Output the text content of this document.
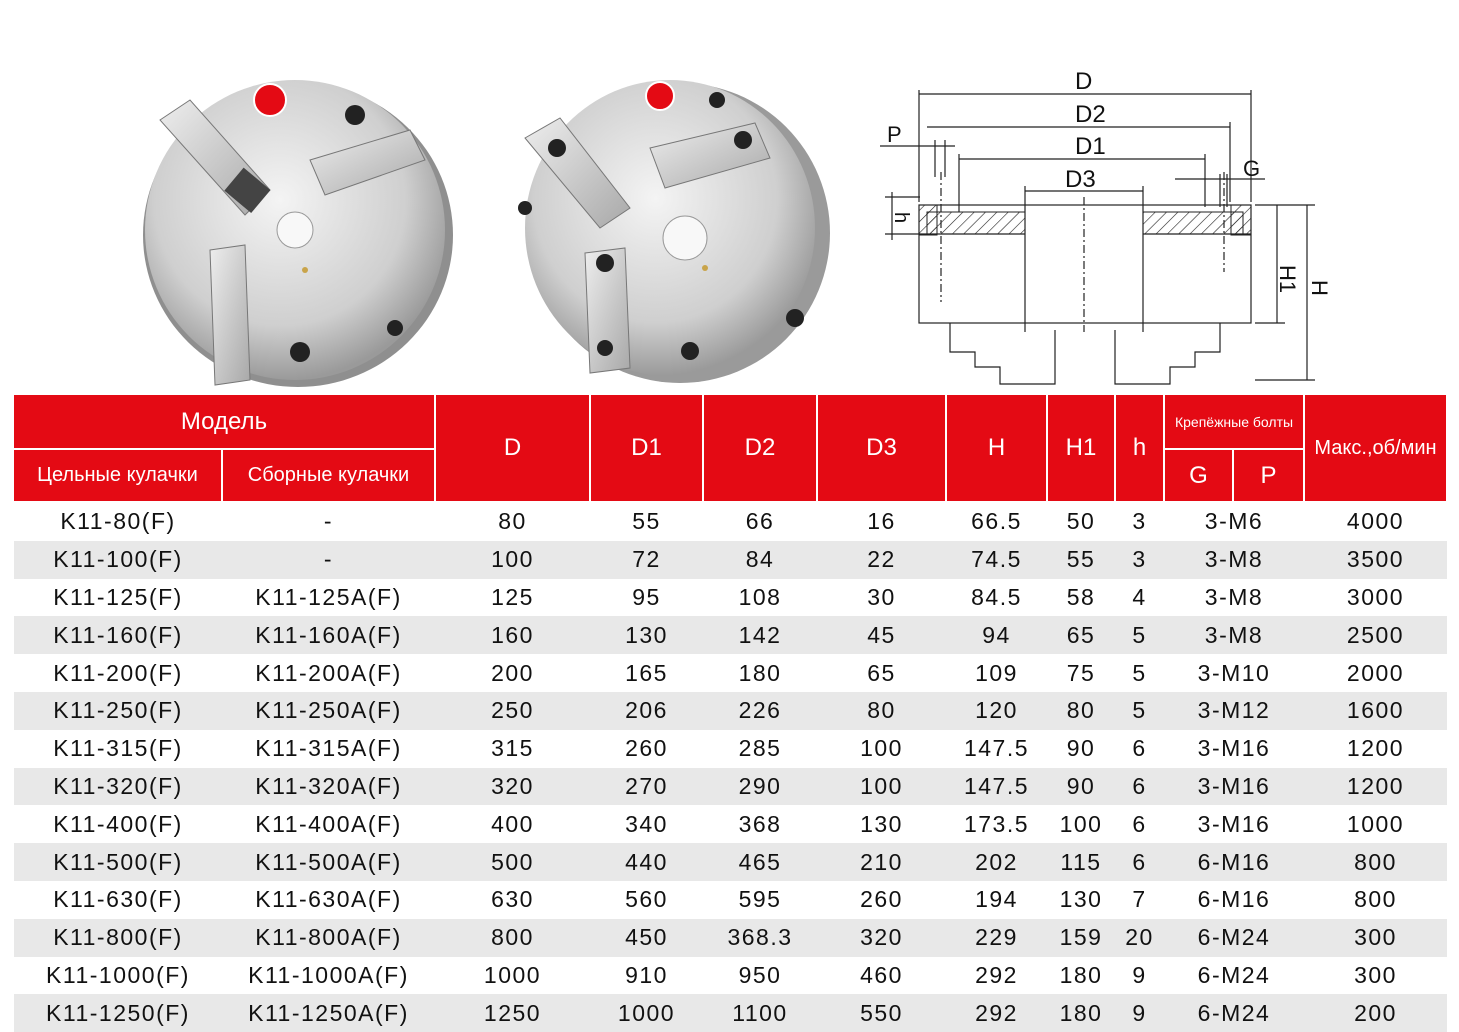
D
D2
D1
D3
P
G
h
H1 H
Модель		D	D1	D2	D3	H	H1	h	Крепёжные болты		Макс.,об/мин
Цельные кулачки	Сборные кулачки								G	P	
K11-80(F)	-	80	55	66	16	66.5	50	3	3-M6		4000
K11-100(F)	-	100	72	84	22	74.5	55	3	3-M8		3500
K11-125(F)	K11-125A(F)	125	95	108	30	84.5	58	4	3-M8		3000
K11-160(F)	K11-160A(F)	160	130	142	45	94	65	5	3-M8		2500
K11-200(F)	K11-200A(F)	200	165	180	65	109	75	5	3-M10		2000
K11-250(F)	K11-250A(F)	250	206	226	80	120	80	5	3-M12		1600
K11-315(F)	K11-315A(F)	315	260	285	100	147.5	90	6	3-M16		1200
K11-320(F)	K11-320A(F)	320	270	290	100	147.5	90	6	3-M16		1200
K11-400(F)	K11-400A(F)	400	340	368	130	173.5	100	6	3-M16		1000
K11-500(F)	K11-500A(F)	500	440	465	210	202	115	6	6-M16		800
K11-630(F)	K11-630A(F)	630	560	595	260	194	130	7	6-M16		800
K11-800(F)	K11-800A(F)	800	450	368.3	320	229	159	20	6-M24		300
K11-1000(F)	K11-1000A(F)	1000	910	950	460	292	180	9	6-M24		300
K11-1250(F)	K11-1250A(F)	1250	1000	1100	550	292	180	9	6-M24		200
